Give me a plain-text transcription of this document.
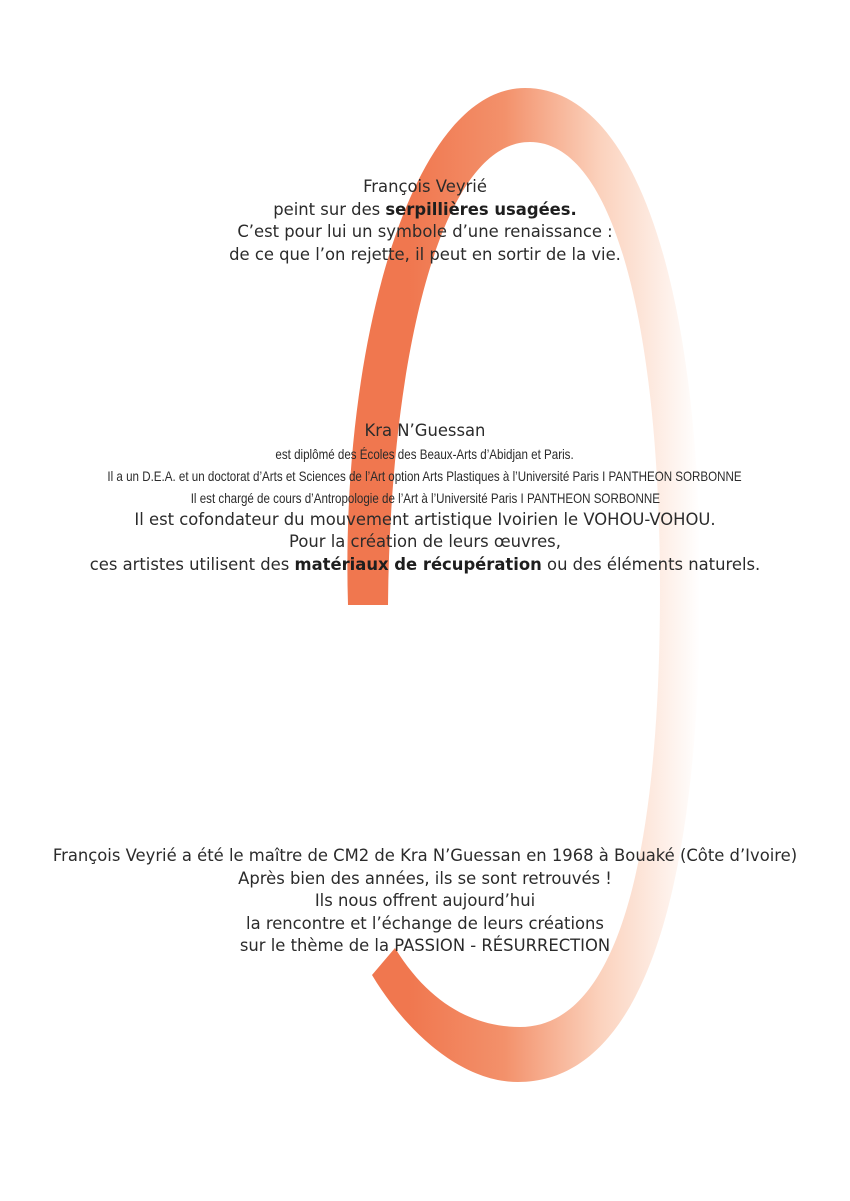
François Veyrié

peint sur des serpillières usagées.

C’est pour lui un symbole d’une renaissance :

de ce que l’on rejette, il peut en sortir de la vie.

Kra N’Guessan

est diplômé des Écoles des Beaux-Arts d’Abidjan et Paris.

Il a un D.E.A. et un doctorat d’Arts et Sciences de l’Art option Arts Plastiques à l’Université Paris I PANTHEON SORBONNE

Il est chargé de cours d’Antropologie de l’Art à l’Université Paris I PANTHEON SORBONNE

Il est cofondateur du mouvement artistique Ivoirien le VOHOU-VOHOU.

Pour la création de leurs œuvres,

ces artistes utilisent des matériaux de récupération ou des éléments naturels.

François Veyrié a été le maître de CM2 de Kra N’Guessan en 1968 à Bouaké (Côte d’Ivoire)

Après bien des années, ils se sont retrouvés !

Ils nous offrent aujourd’hui

la rencontre et l’échange de leurs créations

sur le thème de la PASSION - RÉSURRECTION
